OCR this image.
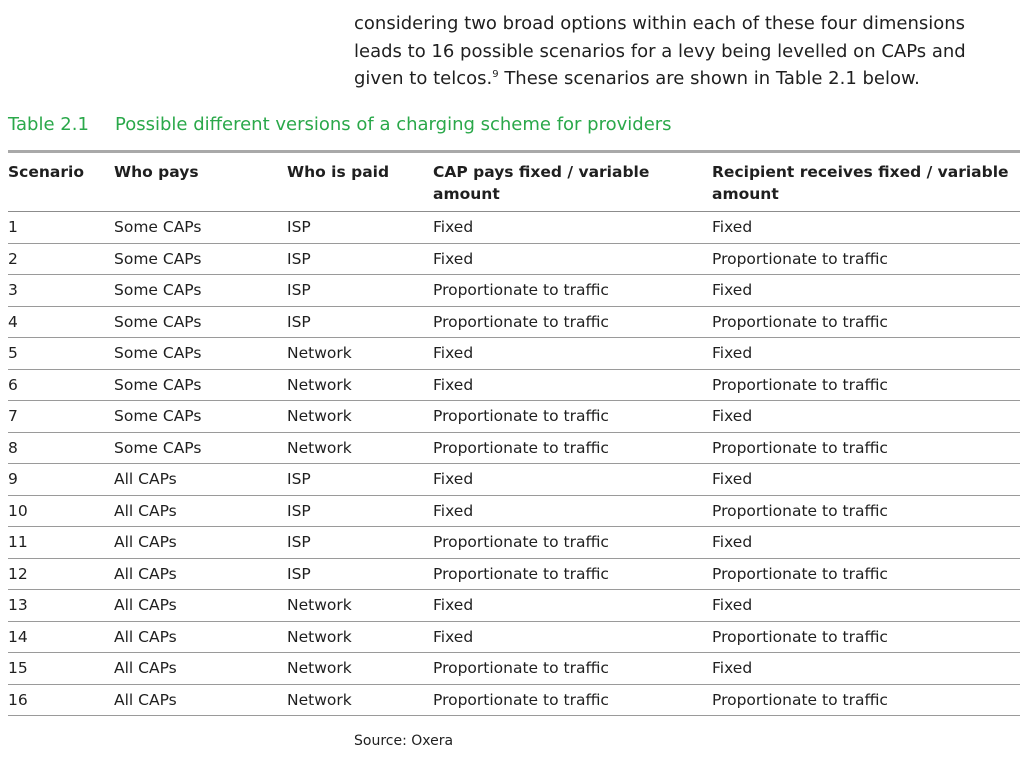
considering two broad options within each of these four dimensions leads to 16 possible scenarios for a levy being levelled on CAPs and given to telcos.$^9$ These scenarios are shown in Table 2.1 below.

Table 2.1 Possible different versions of a charging scheme for providers
Scenario	Who pays	Who is paid	CAP pays fixed / variable amount	Recipient receives fixed / variable amount
1	Some CAPs	ISP	Fixed	Fixed
2	Some CAPs	ISP	Fixed	Proportionate to traffic
3	Some CAPs	ISP	Proportionate to traffic	Fixed
4	Some CAPs	ISP	Proportionate to traffic	Proportionate to traffic
5	Some CAPs	Network	Fixed	Fixed
6	Some CAPs	Network	Fixed	Proportionate to traffic
7	Some CAPs	Network	Proportionate to traffic	Fixed
8	Some CAPs	Network	Proportionate to traffic	Proportionate to traffic
9	All CAPs	ISP	Fixed	Fixed
10	All CAPs	ISP	Fixed	Proportionate to traffic
11	All CAPs	ISP	Proportionate to traffic	Fixed
12	All CAPs	ISP	Proportionate to traffic	Proportionate to traffic
13	All CAPs	Network	Fixed	Fixed
14	All CAPs	Network	Fixed	Proportionate to traffic
15	All CAPs	Network	Proportionate to traffic	Fixed
16	All CAPs	Network	Proportionate to traffic	Proportionate to traffic
Source: Oxera
